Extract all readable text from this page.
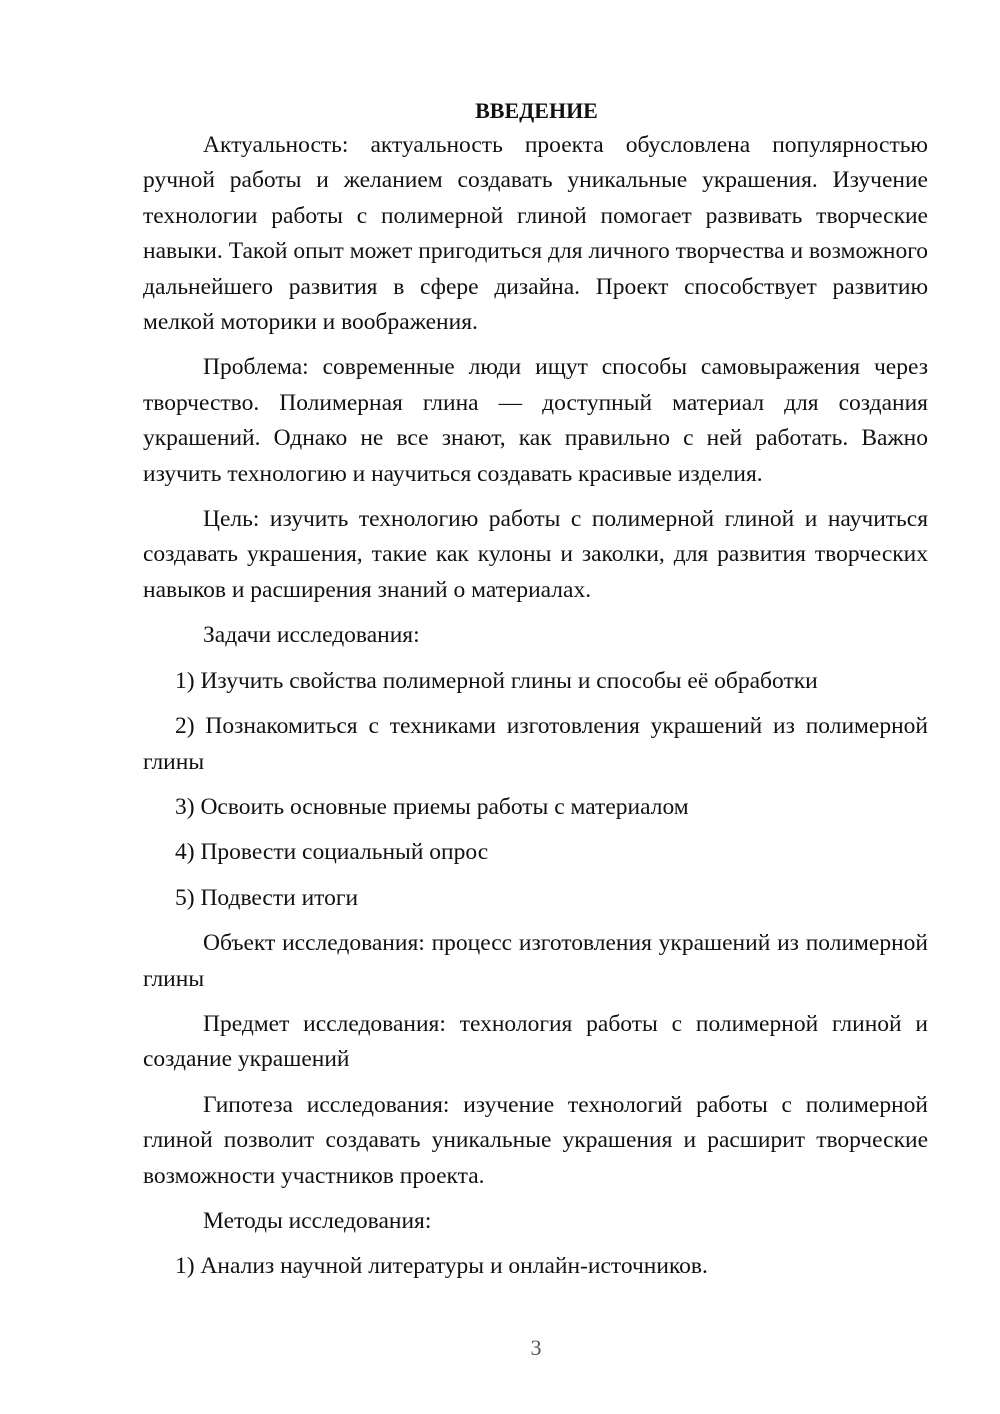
ВВЕДЕНИЕ

Актуальность: актуальность проекта обусловлена популярностью ручной работы и желанием создавать уникальные украшения. Изучение технологии работы с полимерной глиной помогает развивать творческие навыки. Такой опыт может пригодиться для личного творчества и возможного дальнейшего развития в сфере дизайна. Проект способствует развитию мелкой моторики и воображения.

Проблема: современные люди ищут способы самовыражения через творчество. Полимерная глина — доступный материал для создания украшений. Однако не все знают, как правильно с ней работать. Важно изучить технологию и научиться создавать красивые изделия.

Цель: изучить технологию работы с полимерной глиной и научиться создавать украшения, такие как кулоны и заколки, для развития творческих навыков и расширения знаний о материалах.

Задачи исследования:

1) Изучить свойства полимерной глины и способы её обработки

2) Познакомиться с техниками изготовления украшений из полимерной глины

3) Освоить основные приемы работы с материалом

4) Провести социальный опрос

5) Подвести итоги

Объект исследования: процесс изготовления украшений из полимерной глины

Предмет исследования: технология работы с полимерной глиной и создание украшений

Гипотеза исследования: изучение технологий работы с полимерной глиной позволит создавать уникальные украшения и расширит творческие возможности участников проекта.

Методы исследования:

1) Анализ научной литературы и онлайн-источников.

3
